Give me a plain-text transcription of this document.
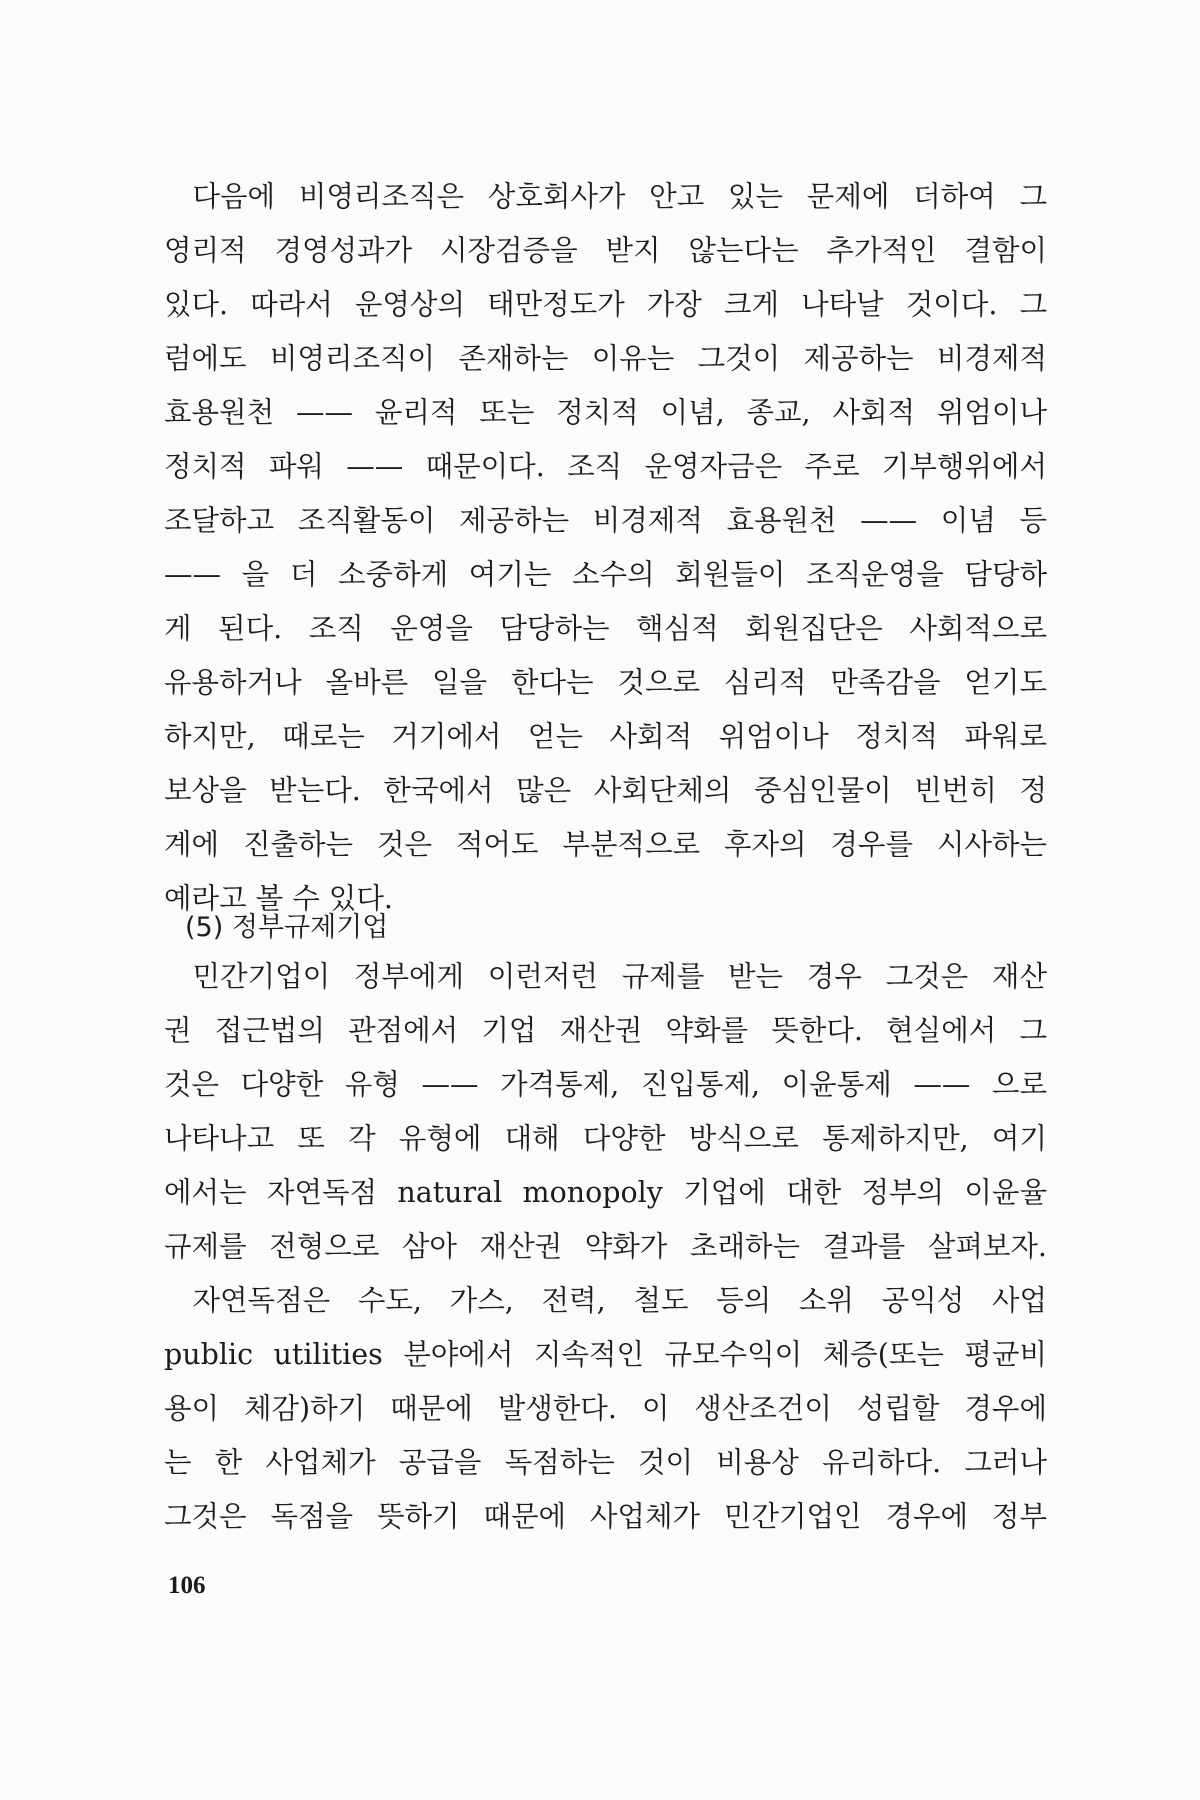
다음에 비영리조직은 상호회사가 안고 있는 문제에 더하여 그
영리적 경영성과가 시장검증을 받지 않는다는 추가적인 결함이
있다. 따라서 운영상의 태만정도가 가장 크게 나타날 것이다. 그
럼에도 비영리조직이 존재하는 이유는 그것이 제공하는 비경제적
효용원천 —— 윤리적 또는 정치적 이념, 종교, 사회적 위엄이나
정치적 파워 —— 때문이다. 조직 운영자금은 주로 기부행위에서
조달하고 조직활동이 제공하는 비경제적 효용원천 —— 이념 등
—— 을 더 소중하게 여기는 소수의 회원들이 조직운영을 담당하
게 된다. 조직 운영을 담당하는 핵심적 회원집단은 사회적으로
유용하거나 올바른 일을 한다는 것으로 심리적 만족감을 얻기도
하지만, 때로는 거기에서 얻는 사회적 위엄이나 정치적 파워로
보상을 받는다. 한국에서 많은 사회단체의 중심인물이 빈번히 정
계에 진출하는 것은 적어도 부분적으로 후자의 경우를 시사하는
예라고 볼 수 있다.
(5) 정부규제기업
민간기업이 정부에게 이런저런 규제를 받는 경우 그것은 재산
권 접근법의 관점에서 기업 재산권 약화를 뜻한다. 현실에서 그
것은 다양한 유형 —— 가격통제, 진입통제, 이윤통제 —— 으로
나타나고 또 각 유형에 대해 다양한 방식으로 통제하지만, 여기
에서는 자연독점 natural monopoly 기업에 대한 정부의 이윤율
규제를 전형으로 삼아 재산권 약화가 초래하는 결과를 살펴보자.
자연독점은 수도, 가스, 전력, 철도 등의 소위 공익성 사업
public utilities 분야에서 지속적인 규모수익이 체증(또는 평균비
용이 체감)하기 때문에 발생한다. 이 생산조건이 성립할 경우에
는 한 사업체가 공급을 독점하는 것이 비용상 유리하다. 그러나
그것은 독점을 뜻하기 때문에 사업체가 민간기업인 경우에 정부
106
